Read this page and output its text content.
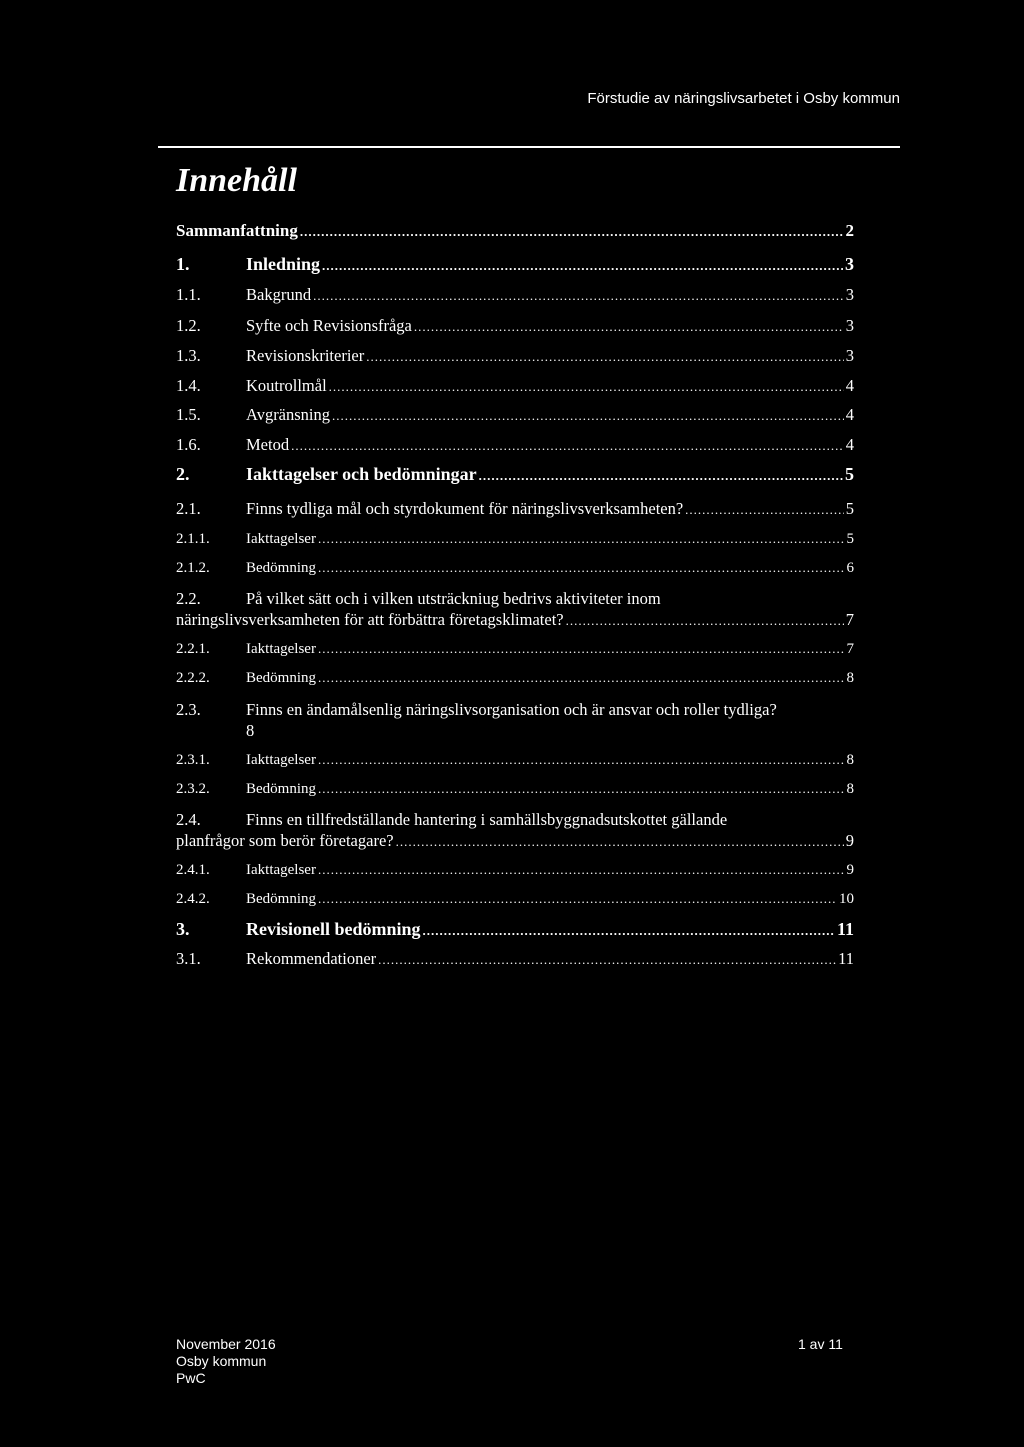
Förstudie av näringslivsarbetet i Osby kommun
Innehåll
Sammanfattning .....	2
1.	Inledning .....	3
1.1.	Bakgrund .....	3
1.2.	Syfte och Revisionsfråga .....	3
1.3.	Revisionskriterier .....	3
1.4.	Koutrollmål .....	4
1.5.	Avgränsning .....	4
1.6.	Metod .....	4
2.	Iakttagelser och bedömningar .....	5
2.1.	Finns tydliga mål och styrdokument för näringslivsverksamheten? .....	5
2.1.1.	Iakttagelser .....	5
2.1.2.	Bedömning .....	6
2.2.	På vilket sätt och i vilken utsträckniug bedrivs aktiviteter inom
näringslivsverksamheten för att förbättra företagsklimatet? .....	7
2.2.1.	Iakttagelser .....	7
2.2.2.	Bedömning .....	8
2.3.	Finns en ändamålsenlig näringslivsorganisation och är ansvar och roller tydliga?
8
2.3.1.	Iakttagelser .....	8
2.3.2.	Bedömning .....	8
2.4.	Finns en tillfredställande hantering i samhällsbyggnadsutskottet gällande
planfrågor som berör företagare? .....	9
2.4.1.	Iakttagelser .....	9
2.4.2.	Bedömning .....	10
3.	Revisionell bedömning .....	11
3.1.	Rekommendationer .....	11
November 2016
Osby kommun
PwC
1 av 11
